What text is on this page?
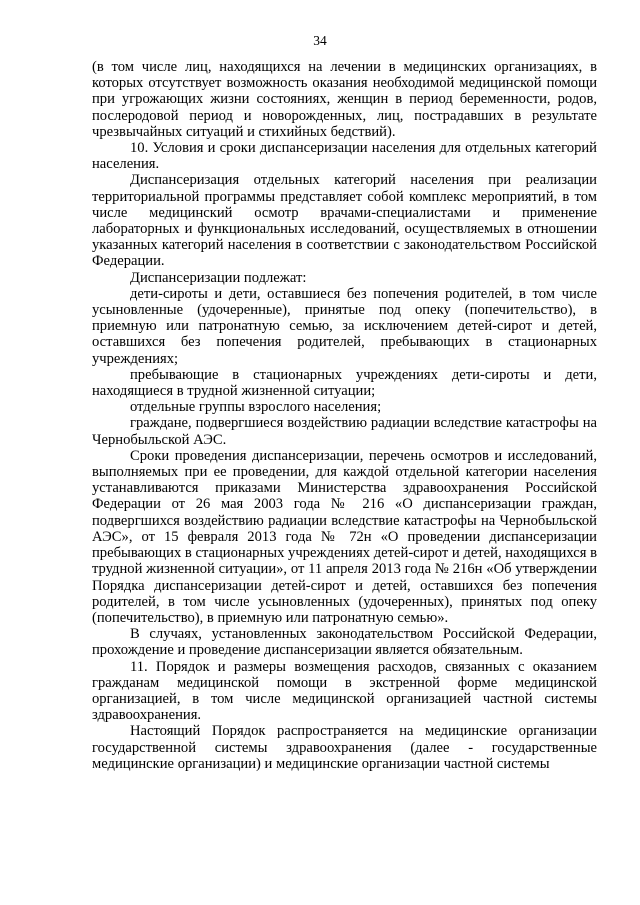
34

(в том числе лиц, находящихся на лечении в медицинских организациях, в которых отсутствует возможность оказания необходимой медицинской помощи при угрожающих жизни состояниях, женщин в период беременности, родов, послеродовой период и новорожденных, лиц, пострадавших в результате чрезвычайных ситуаций и стихийных бедствий).

10. Условия и сроки диспансеризации населения для отдельных категорий населения.

Диспансеризация отдельных категорий населения при реализации территориальной программы представляет собой комплекс мероприятий, в том числе медицинский осмотр врачами-специалистами и применение лабораторных и функциональных исследований, осуществляемых в отношении указанных категорий населения в соответствии с законодательством Российской Федерации.

Диспансеризации подлежат:

дети-сироты и дети, оставшиеся без попечения родителей, в том числе усыновленные (удочеренные), принятые под опеку (попечительство), в приемную или патронатную семью, за исключением детей-сирот и детей, оставшихся без попечения родителей, пребывающих в стационарных учреждениях;

пребывающие в стационарных учреждениях дети-сироты и дети, находящиеся в трудной жизненной ситуации;

отдельные группы взрослого населения;

граждане, подвергшиеся воздействию радиации вследствие катастрофы на Чернобыльской АЭС.

Сроки проведения диспансеризации, перечень осмотров и исследований, выполняемых при ее проведении, для каждой отдельной категории населения устанавливаются приказами Министерства здравоохранения Российской Федерации от 26 мая 2003 года № 216 «О диспансеризации граждан, подвергшихся воздействию радиации вследствие катастрофы на Чернобыльской АЭС», от 15 февраля 2013 года № 72н «О проведении диспансеризации пребывающих в стационарных учреждениях детей-сирот и детей, находящихся в трудной жизненной ситуации», от 11 апреля 2013 года № 216н «Об утверждении Порядка диспансеризации детей-сирот и детей, оставшихся без попечения родителей, в том числе усыновленных (удочеренных), принятых под опеку (попечительство), в приемную или патронатную семью».

В случаях, установленных законодательством Российской Федерации, прохождение и проведение диспансеризации является обязательным.

11. Порядок и размеры возмещения расходов, связанных с оказанием гражданам медицинской помощи в экстренной форме медицинской организацией, в том числе медицинской организацией частной системы здравоохранения.

Настоящий Порядок распространяется на медицинские организации государственной системы здравоохранения (далее - государственные медицинские организации) и медицинские организации частной системы
